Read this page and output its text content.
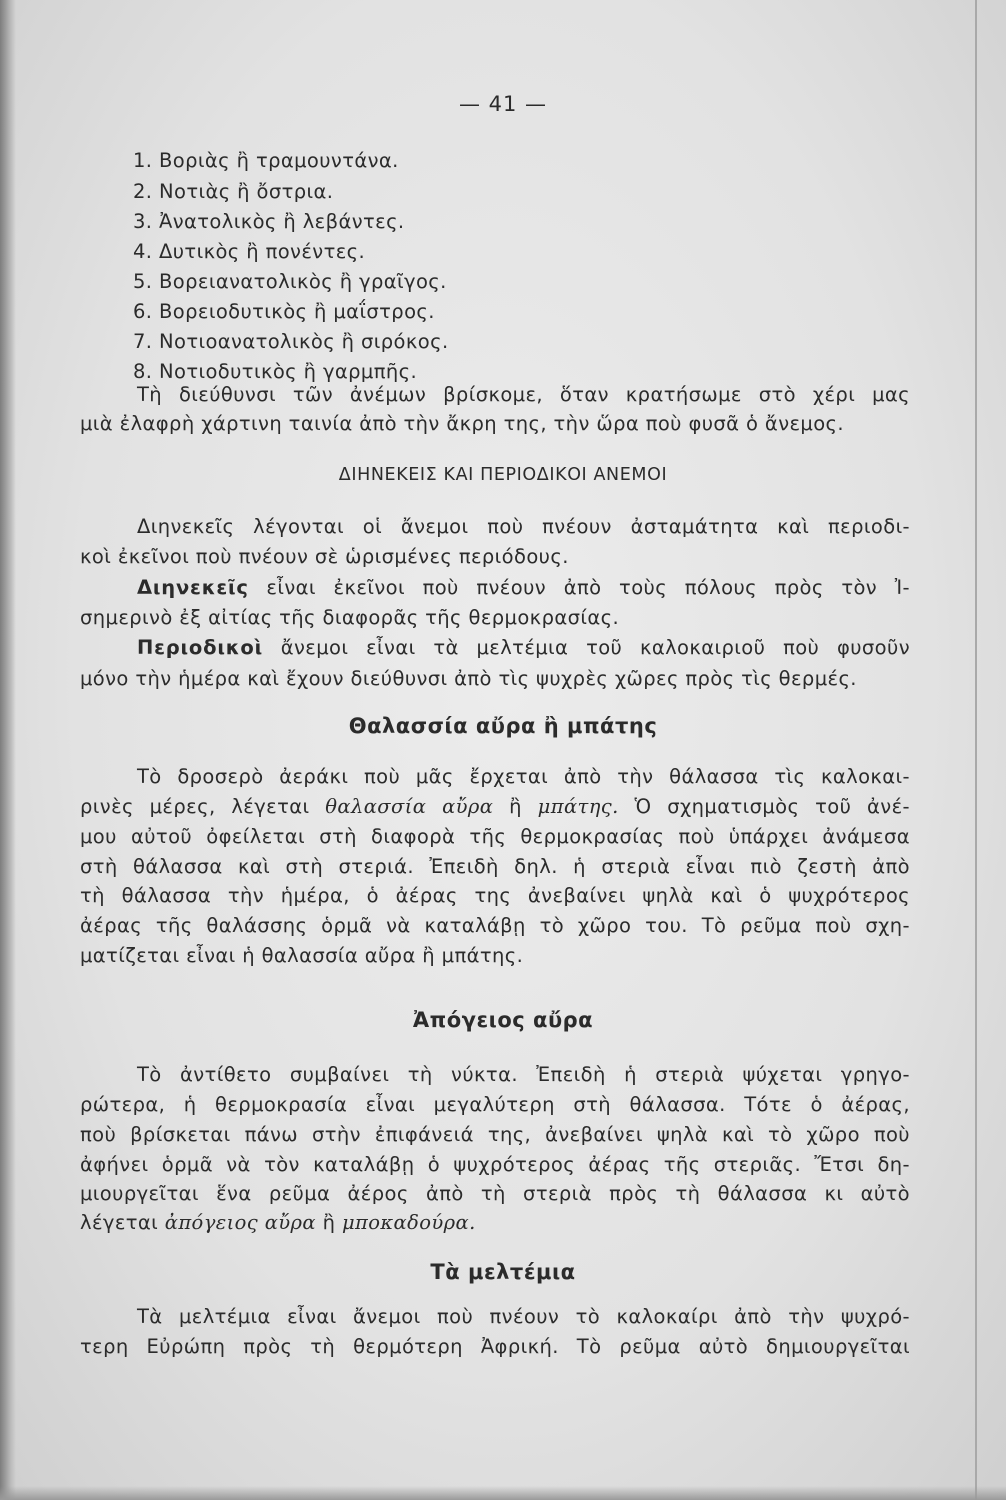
— 41 —
1. Βοριὰς ἢ τραμουντάνα.
2. Νοτιὰς ἢ ὄστρια.
3. Ἀνατολικὸς ἢ λεβάντες.
4. Δυτικὸς ἢ πονέντες.
5. Βορειανατολικὸς ἢ γραῖγος.
6. Βορειοδυτικὸς ἢ μαΐστρος.
7. Νοτιοανατολικὸς ἢ σιρόκος.
8. Νοτιοδυτικὸς ἢ γαρμπῆς.
Τὴ διεύθυνσι τῶν ἀνέμων βρίσκομε, ὅταν κρατήσωμε στὸ χέρι μας
μιὰ ἐλαφρὴ χάρτινη ταινία ἀπὸ τὴν ἄκρη της, τὴν ὥρα ποὺ φυσᾶ ὁ ἄνεμος.
ΔΙΗΝΕΚΕΙΣ ΚΑΙ ΠΕΡΙΟΔΙΚΟΙ ΑΝΕΜΟΙ
Διηνεκεῖς λέγονται οἱ ἄνεμοι ποὺ πνέουν ἀσταμάτητα καὶ περιοδι-
κοὶ ἐκεῖνοι ποὺ πνέουν σὲ ὡρισμένες περιόδους.
Διηνεκεῖς εἶναι ἐκεῖνοι ποὺ πνέουν ἀπὸ τοὺς πόλους πρὸς τὸν Ἰ-
σημερινὸ ἐξ αἰτίας τῆς διαφορᾶς τῆς θερμοκρασίας.
Περιοδικοὶ ἄνεμοι εἶναι τὰ μελτέμια τοῦ καλοκαιριοῦ ποὺ φυσοῦν
μόνο τὴν ἡμέρα καὶ ἔχουν διεύθυνσι ἀπὸ τὶς ψυχρὲς χῶρες πρὸς τὶς θερμές.
Θαλασσία αὔρα ἢ μπάτης
Τὸ δροσερὸ ἀεράκι ποὺ μᾶς ἔρχεται ἀπὸ τὴν θάλασσα τὶς καλοκαι-
ρινὲς μέρες, λέγεται θαλασσία αὔρα ἢ μπάτης. Ὁ σχηματισμὸς τοῦ ἀνέ-
μου αὐτοῦ ὀφείλεται στὴ διαφορὰ τῆς θερμοκρασίας ποὺ ὑπάρχει ἀνάμεσα
στὴ θάλασσα καὶ στὴ στεριά. Ἐπειδὴ δηλ. ἡ στεριὰ εἶναι πιὸ ζεστὴ ἀπὸ
τὴ θάλασσα τὴν ἡμέρα, ὁ ἀέρας της ἀνεβαίνει ψηλὰ καὶ ὁ ψυχρότερος
ἀέρας τῆς θαλάσσης ὁρμᾶ νὰ καταλάβῃ τὸ χῶρο του. Τὸ ρεῦμα ποὺ σχη-
ματίζεται εἶναι ἡ θαλασσία αὔρα ἢ μπάτης.
Ἀπόγειος αὔρα
Τὸ ἀντίθετο συμβαίνει τὴ νύκτα. Ἐπειδὴ ἡ στεριὰ ψύχεται γρηγο-
ρώτερα, ἡ θερμοκρασία εἶναι μεγαλύτερη στὴ θάλασσα. Τότε ὁ ἀέρας,
ποὺ βρίσκεται πάνω στὴν ἐπιφάνειά της, ἀνεβαίνει ψηλὰ καὶ τὸ χῶρο ποὺ
ἀφήνει ὁρμᾶ νὰ τὸν καταλάβῃ ὁ ψυχρότερος ἀέρας τῆς στεριᾶς. Ἔτσι δη-
μιουργεῖται ἕνα ρεῦμα ἀέρος ἀπὸ τὴ στεριὰ πρὸς τὴ θάλασσα κι αὐτὸ
λέγεται ἀπόγειος αὔρα ἢ μποκαδούρα.
Τὰ μελτέμια
Τὰ μελτέμια εἶναι ἄνεμοι ποὺ πνέουν τὸ καλοκαίρι ἀπὸ τὴν ψυχρό-
τερη Εὐρώπη πρὸς τὴ θερμότερη Ἀφρική. Τὸ ρεῦμα αὐτὸ δημιουργεῖται
